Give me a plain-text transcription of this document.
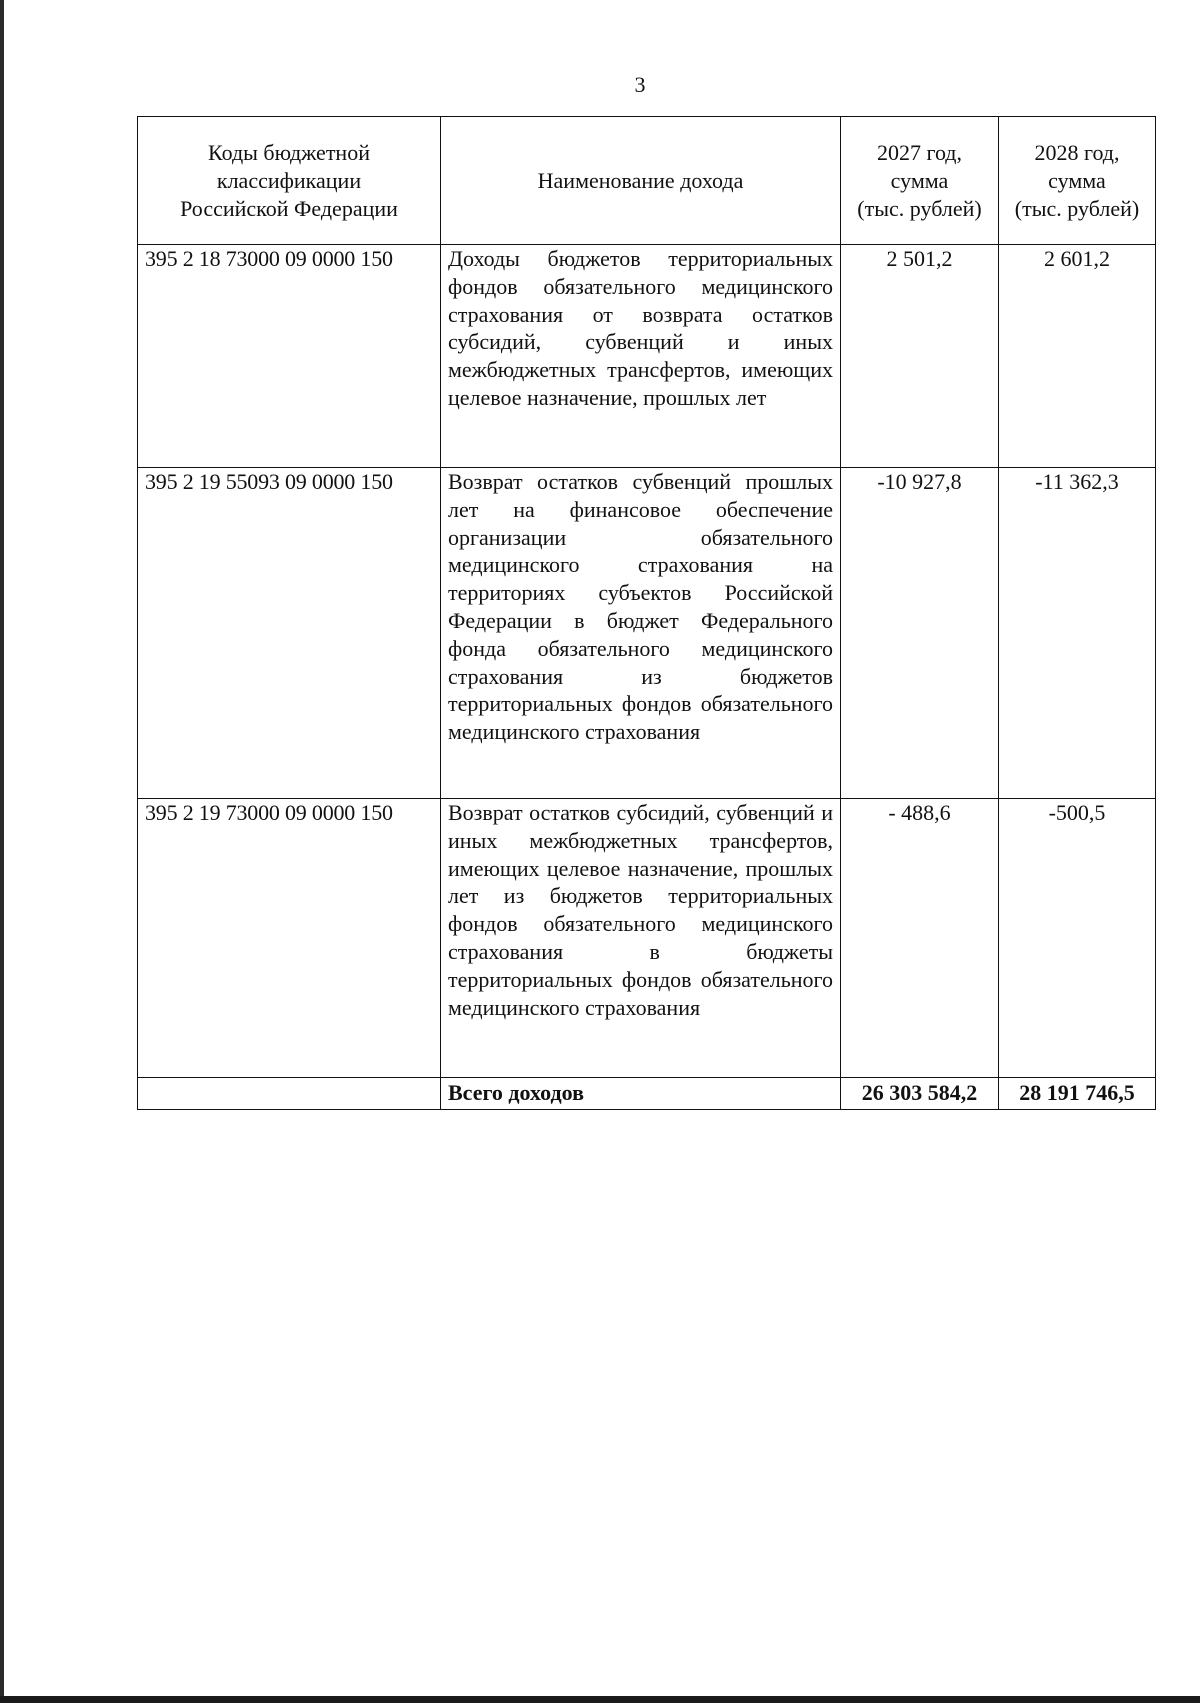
3
Коды бюджетной
классификации
Российской Федерации	Наименование дохода	2027 год,
сумма
(тыс. рублей)	2028 год,
сумма
(тыс. рублей)

395 2 18 73000 09 0000 150	Доходы бюджетов территориальных фондов обязательного медицинского страхования от возврата остатков субсидий, субвенций и иных межбюджетных трансфертов, имеющих целевое назначение, прошлых лет	2 501,2	2 601,2
395 2 19 55093 09 0000 150	Возврат остатков субвенций прошлых лет на финансовое обеспечение организации обязательного медицинского страхования на территориях субъектов Российской Федерации в бюджет Федерального фонда обязательного медицинского страхования из бюджетов территориальных фондов обязательного медицинского страхования	-10 927,8	-11 362,3
395 2 19 73000 09 0000 150	Возврат остатков субсидий, субвенций и иных межбюджетных трансфертов, имеющих целевое назначение, прошлых лет из бюджетов территориальных фондов обязательного медицинского страхования в бюджеты территориальных фондов обязательного медицинского страхования	- 488,6	-500,5
	Всего доходов	26 303 584,2	28 191 746,5
